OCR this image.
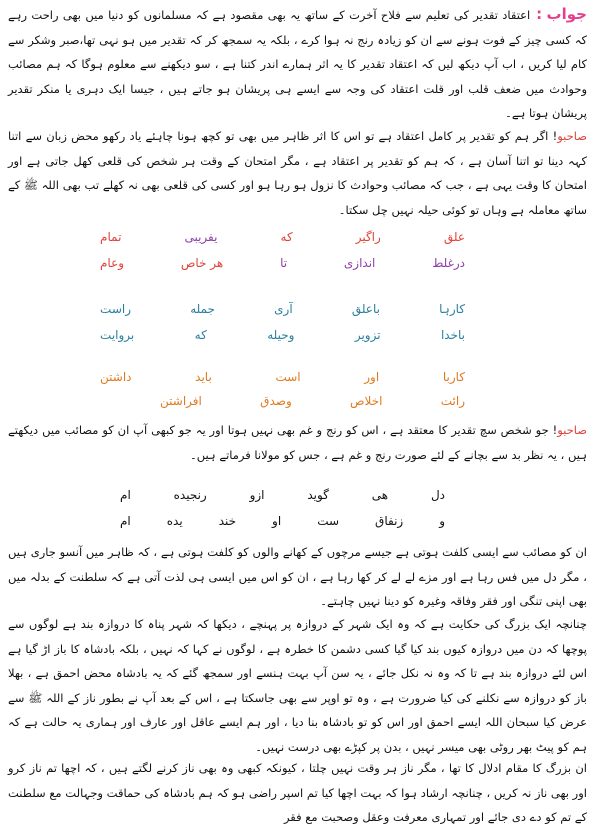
جواب : اعتقاد تقدیر کی تعلیم سے فلاح آخرت کے ساتھ یہ بھی مقصود ہے کہ مسلمانوں کو دنیا میں بھی راحت رہے کہ کسی چیز کے فوت ہونے سے ان کو زیادہ رنج نہ ہوا کرے ، بلکہ یہ سمجھ کر کہ تقدیر میں ہو نہی تھا،صبر وشکر سے کام لیا کریں ، اب آپ دیکھ لیں کہ اعتقاد تقدیر کا یہ اثر ہمارے اندر کتنا ہے ، سو دیکھنے سے معلوم ہوگا کہ ہم مصائب وحوادث میں ضعف قلب اور قلت اعتقاد کی وجہ سے ایسے ہی پریشان ہو جاتے ہیں ، جیسا ایک دہری یا منکر تقدیر پریشان ہوتا ہے۔
صاحبو! اگر ہم کو تقدیر پر کامل اعتقاد ہے تو اس کا اثر ظاہر میں بھی تو کچھ ہونا چاہئے یاد رکھو محض زبان سے اتنا کہہ دینا تو اتنا آسان ہے ، کہ ہم کو تقدیر پر اعتقاد ہے ، مگر امتحان کے وقت ہر شخص کی قلعی کھل جاتی ہے اور امتحان کا وقت یہی ہے ، جب کہ مصائب وحوادث کا نزول ہو رہا ہو اور کسی کی قلعی بھی نہ کھلے تب بھی اللہ ﷺ کے ساتھ معاملہ ہے وہاں تو کوئی حیلہ نہیں چل سکتا۔
علق
راگیر
که
یفریبی
تمام
درغلط
اندازی
تا
هر خاص
وعام
کارہا
باعلق
آری
جمله
راست
باخدا
تزویر
وحیله
که
بروایت
کاربا
اور
است
باید
داشتن
رائت
اخلاص
وصدق
افراشتن
صاحبو! جو شخص سچ تقدیر کا معتقد ہے ، اس کو رنج و غم بھی نہیں ہوتا اور یہ جو کبھی آپ ان کو مصائب میں دیکھتے ہیں ، یہ نظر بد سے بچانے کے لئے صورت رنج و غم ہے ، جس کو مولانا فرماتے ہیں۔
دل
هی
گوید
ازو
رنجیده
ام
و
زنفاق
ست
او
خند
یده
ام
ان کو مصائب سے ایسی کلفت ہوتی ہے جیسے مرچوں کے کھانے والوں کو کلفت ہوتی ہے ، کہ ظاہر میں آنسو جاری ہیں ، مگر دل میں فس رہا ہے اور مزے لے لے کر کھا رہا ہے ، ان کو اس میں ایسی ہی لذت آتی ہے کہ سلطنت کے بدلہ میں بھی اپنی تنگی اور فقر وفاقہ وغیرہ کو دینا نہیں چاہتے۔
چنانچہ ایک بزرگ کی حکایت ہے کہ وہ ایک شہر کے دروازہ پر پہنچے ، دیکھا کہ شہر پناہ کا دروازہ بند ہے لوگوں سے پوچھا کہ دن میں دروازہ کیوں بند کیا گیا کسی دشمن کا خطرہ ہے ، لوگوں نے کہا کہ نہیں ، بلکہ بادشاہ کا باز اڑ گیا ہے اس لئے دروازہ بند ہے تا کہ وہ نہ نکل جائے ، یہ سن آپ بہت ہنسے اور سمجھ گئے کہ یہ بادشاہ محض احمق ہے ، بھلا باز کو دروازہ سے نکلنے کی کیا ضرورت ہے ، وہ تو اوپر سے بھی جاسکتا ہے ، اس کے بعد آپ نے بطور ناز کے اللہ ﷺ سے عرض کیا سبحان اللہ ایسے احمق اور اس کو تو بادشاہ بنا دیا ، اور ہم ایسے عاقل اور عارف اور ہماری یہ حالت ہے کہ ہم کو پیٹ بھر روٹی بھی میسر نہیں ، بدن پر کپڑے بھی درست نہیں۔
ان بزرگ کا مقام ادلال کا تھا ، مگر ناز ہر وقت نہیں چلتا ، کیونکہ کبھی وہ بھی ناز کرنے لگتے ہیں ، کہ اچھا تم ناز کرو اور بھی ناز نہ کریں ، چنانچہ ارشاد ہوا کہ بہت اچھا کیا تم اسپر راضی ہو کہ ہم بادشاہ کی حماقت وجہالت مع سلطنت کے تم کو دے دی جائے اور تمہاری معرفت وعقل وصحبت مع فقر
